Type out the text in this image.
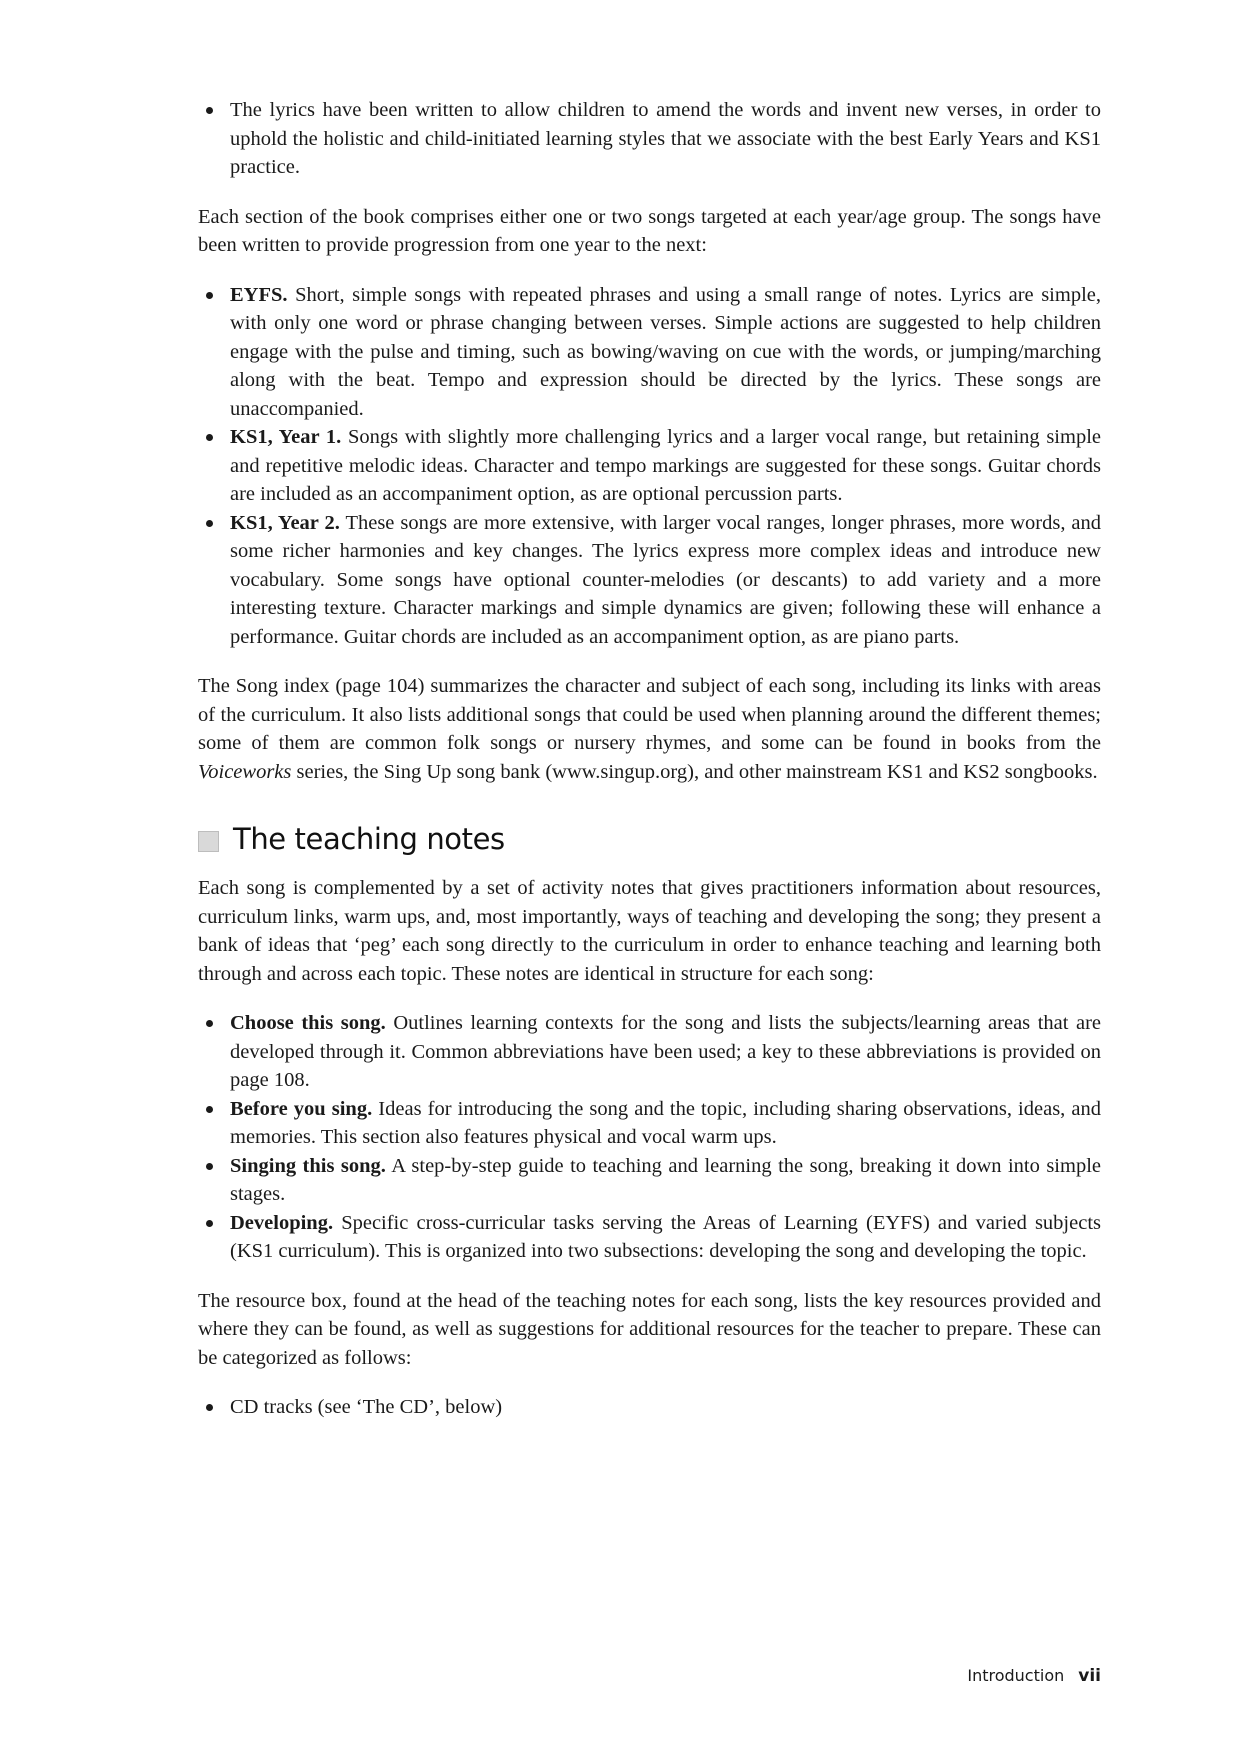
The lyrics have been written to allow children to amend the words and invent new verses, in order to uphold the holistic and child-initiated learning styles that we associate with the best Early Years and KS1 practice.

Each section of the book comprises either one or two songs targeted at each year/age group. The songs have been written to provide progression from one year to the next:

EYFS. Short, simple songs with repeated phrases and using a small range of notes. Lyrics are simple, with only one word or phrase changing between verses. Simple actions are suggested to help children engage with the pulse and timing, such as bowing/waving on cue with the words, or jumping/marching along with the beat. Tempo and expression should be directed by the lyrics. These songs are unaccompanied.
KS1, Year 1. Songs with slightly more challenging lyrics and a larger vocal range, but retaining simple and repetitive melodic ideas. Character and tempo markings are suggested for these songs. Guitar chords are included as an accompaniment option, as are optional percussion parts.
KS1, Year 2. These songs are more extensive, with larger vocal ranges, longer phrases, more words, and some richer harmonies and key changes. The lyrics express more complex ideas and introduce new vocabulary. Some songs have optional counter-melodies (or descants) to add variety and a more interesting texture. Character markings and simple dynamics are given; following these will enhance a performance. Guitar chords are included as an accompaniment option, as are piano parts.

The Song index (page 104) summarizes the character and subject of each song, including its links with areas of the curriculum. It also lists additional songs that could be used when planning around the different themes; some of them are common folk songs or nursery rhymes, and some can be found in books from the Voiceworks series, the Sing Up song bank (www.singup.org), and other mainstream KS1 and KS2 songbooks.

The teaching notes

Each song is complemented by a set of activity notes that gives practitioners information about resources, curriculum links, warm ups, and, most importantly, ways of teaching and developing the song; they present a bank of ideas that ‘peg’ each song directly to the curriculum in order to enhance teaching and learning both through and across each topic. These notes are identical in structure for each song:

Choose this song. Outlines learning contexts for the song and lists the subjects/learning areas that are developed through it. Common abbreviations have been used; a key to these abbreviations is provided on page 108.
Before you sing. Ideas for introducing the song and the topic, including sharing observations, ideas, and memories. This section also features physical and vocal warm ups.
Singing this song. A step-by-step guide to teaching and learning the song, breaking it down into simple stages.
Developing. Specific cross-curricular tasks serving the Areas of Learning (EYFS) and varied subjects (KS1 curriculum). This is organized into two subsections: developing the song and developing the topic.

The resource box, found at the head of the teaching notes for each song, lists the key resources provided and where they can be found, as well as suggestions for additional resources for the teacher to prepare. These can be categorized as follows:

CD tracks (see ‘The CD’, below)
Introduction vii
